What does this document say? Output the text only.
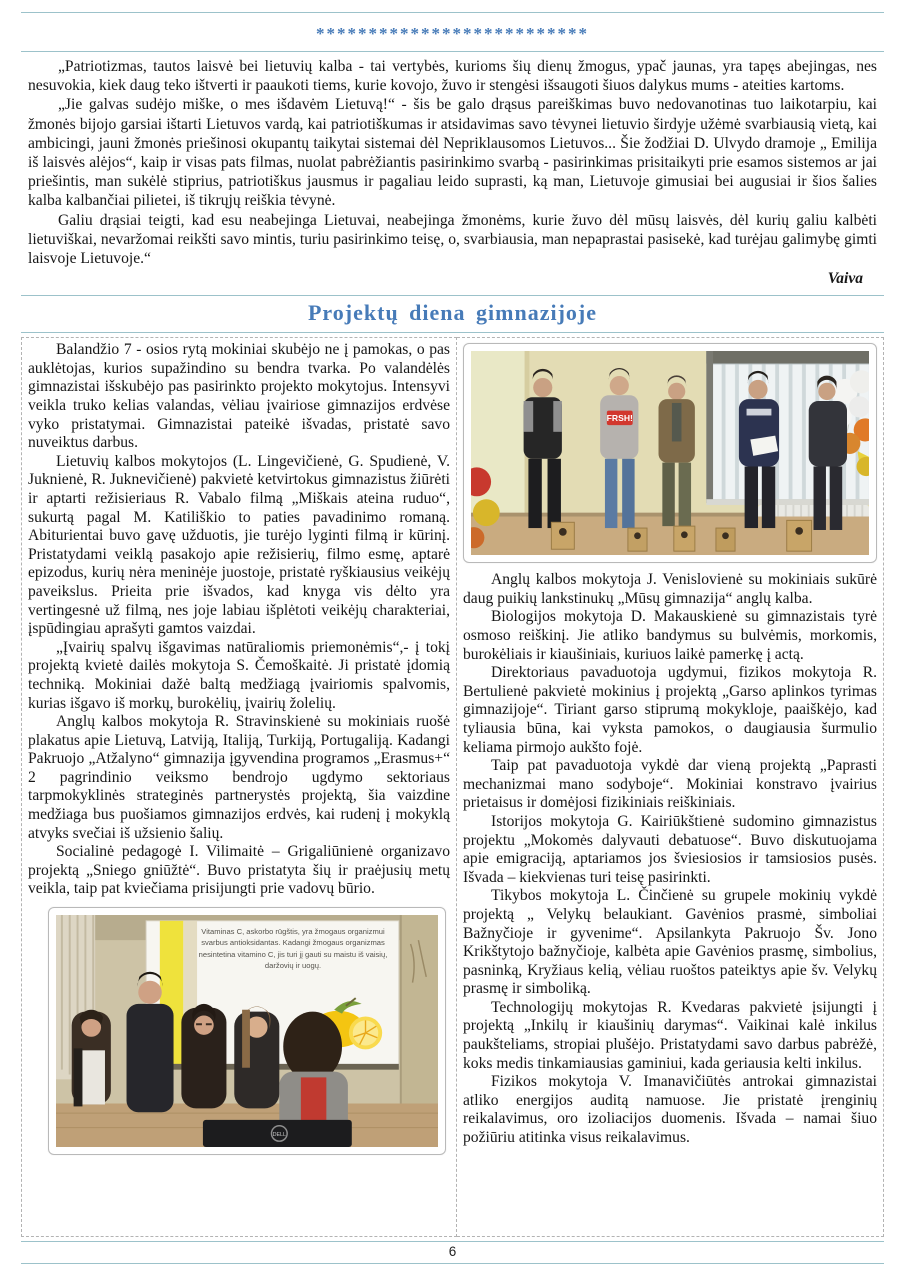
**************************

„Patriotizmas, tautos laisvė bei lietuvių kalba - tai vertybės, kurioms šių dienų žmogus, ypač jaunas, yra tapęs abejingas, nes nesuvokia, kiek daug teko ištverti ir paaukoti tiems, kurie kovojo, žuvo ir stengėsi išsaugoti šiuos dalykus mums - ateities kartoms.

„Jie galvas sudėjo miške, o mes išdavėm Lietuvą!“ - šis be galo drąsus pareiškimas buvo nedovanotinas tuo laikotarpiu, kai žmonės bijojo garsiai ištarti Lietuvos vardą, kai patriotiškumas ir atsidavimas savo tėvynei lietuvio širdyje užėmė svarbiausią vietą, kai ambicingi, jauni žmonės priešinosi okupantų taikytai sistemai dėl Nepriklausomos Lietuvos... Šie žodžiai D. Ulvydo dramoje „ Emilija iš laisvės alėjos“, kaip ir visas pats filmas, nuolat pabrėžiantis pasirinkimo svarbą - pasirinkimas prisitaikyti prie esamos sistemos ar jai priešintis, man sukėlė stiprius, patriotiškus jausmus ir pagaliau leido suprasti, ką man, Lietuvoje gimusiai bei augusiai ir šios šalies kalba kalbančiai pilietei, iš tikrųjų reiškia tėvynė.

Galiu drąsiai teigti, kad esu neabejinga Lietuvai, neabejinga žmonėms, kurie žuvo dėl mūsų laisvės, dėl kurių galiu kalbėti lietuviškai, nevaržomai reikšti savo mintis, turiu pasirinkimo teisę, o, svarbiausia, man nepaprastai pasisekė, kad turėjau galimybę gimti laisvoje Lietuvoje.“

Vaiva
Projektų diena gimnazijoje

Balandžio 7 - osios rytą mokiniai skubėjo ne į pamokas, o pas auklėtojas, kurios supažindino su bendra tvarka. Po valandėlės gimnazistai išskubėjo pas pasirinkto projekto mokytojus. Intensyvi veikla truko kelias valandas, vėliau įvairiose gimnazijos erdvėse vyko pristatymai. Gimnazistai pateikė išvadas, pristatė savo nuveiktus darbus.

Lietuvių kalbos mokytojos (L. Lingevičienė, G. Spudienė, V. Juknienė, R. Juknevičienė) pakvietė ketvirtokus gimnazistus žiūrėti ir aptarti režisieriaus R. Vabalo filmą „Miškais ateina ruduo“, sukurtą pagal M. Katiliškio to paties pavadinimo romaną. Abiturientai buvo gavę užduotis, jie turėjo lyginti filmą ir kūrinį. Pristatydami veiklą pasakojo apie režisierių, filmo esmę, aptarė epizodus, kurių nėra meninėje juostoje, pristatė ryškiausius veikėjų paveikslus. Prieita prie išvados, kad knyga vis dėlto yra vertingesnė už filmą, nes joje labiau išplėtoti veikėjų charakteriai, įspūdingiau aprašyti gamtos vaizdai.

„Įvairių spalvų išgavimas natūraliomis priemonėmis“,- į tokį projektą kvietė dailės mokytoja S. Čemoškaitė. Ji pristatė įdomią techniką. Mokiniai dažė baltą medžiagą įvairiomis spalvomis, kurias išgavo iš morkų, burokėlių, įvairių žolelių.

Anglų kalbos mokytoja R. Stravinskienė su mokiniais ruošė plakatus apie Lietuvą, Latviją, Italiją, Turkiją, Portugaliją. Kadangi Pakruojo „Atžalyno“ gimnazija įgyvendina programos „Erasmus+“ 2 pagrindinio veiksmo bendrojo ugdymo sektoriaus tarpmokyklinės strateginės partnerystės projektą, šia vaizdine medžiaga bus puošiamos gimnazijos erdvės, kai rudenį į mokyklą atvyks svečiai iš užsienio šalių.

Socialinė pedagogė I. Vilimaitė – Grigaliūnienė organizavo projektą „Sniego gniūžtė“. Buvo pristatyta šių ir praėjusių metų veikla, taip pat kviečiama prisijungti prie vadovų būrio.

DELL
Vitaminas C, askorbo rūgštis, yra žmogaus organizmui svarbus antioksidantas. Kadangi žmogaus organizmas nesintetina vitamino C, jis turi jį gauti su maistu iš vaisių, daržovių ir uogų.
FRSH!

Anglų kalbos mokytoja J. Venislovienė su mokiniais sukūrė daug puikių lankstinukų „Mūsų gimnazija“ anglų kalba.

Biologijos mokytoja D. Makauskienė su gimnazistais tyrė osmoso reiškinį. Jie atliko bandymus su bulvėmis, morkomis, burokėliais ir kiaušiniais, kuriuos laikė pamerkę į actą.

Direktoriaus pavaduotoja ugdymui, fizikos mokytoja R. Bertulienė pakvietė mokinius į projektą „Garso aplinkos tyrimas gimnazijoje“. Tiriant garso stiprumą mokykloje, paaiškėjo, kad tyliausia būna, kai vyksta pamokos, o daugiausia šurmulio keliama pirmojo aukšto fojė.

Taip pat pavaduotoja vykdė dar vieną projektą „Paprasti mechanizmai mano sodyboje“. Mokiniai konstravo įvairius prietaisus ir domėjosi fizikiniais reiškiniais.

Istorijos mokytoja G. Kairiūkštienė sudomino gimnazistus projektu „Mokomės dalyvauti debatuose“. Buvo diskutuojama apie emigraciją, aptariamos jos šviesiosios ir tamsiosios pusės. Išvada – kiekvienas turi teisę pasirinkti.

Tikybos mokytoja L. Činčienė su grupele mokinių vykdė projektą „ Velykų belaukiant. Gavėnios prasmė, simboliai Bažnyčioje ir gyvenime“. Apsilankyta Pakruojo Šv. Jono Krikštytojo bažnyčioje, kalbėta apie Gavėnios prasmę, simbolius, pasninką, Kryžiaus kelią, vėliau ruoštos pateiktys apie šv. Velykų prasmę ir simboliką.

Technologijų mokytojas R. Kvedaras pakvietė įsijungti į projektą „Inkilų ir kiaušinių darymas“. Vaikinai kalė inkilus paukšteliams, stropiai plušėjo. Pristatydami savo darbus pabrėžė, koks medis tinkamiausias gaminiui, kada geriausia kelti inkilus.

Fizikos mokytoja V. Imanavičiūtės antrokai gimnazistai atliko energijos auditą namuose. Jie pristatė įrenginių reikalavimus, oro izoliacijos duomenis. Išvada – namai šiuo požiūriu atitinka visus reikalavimus.

6
